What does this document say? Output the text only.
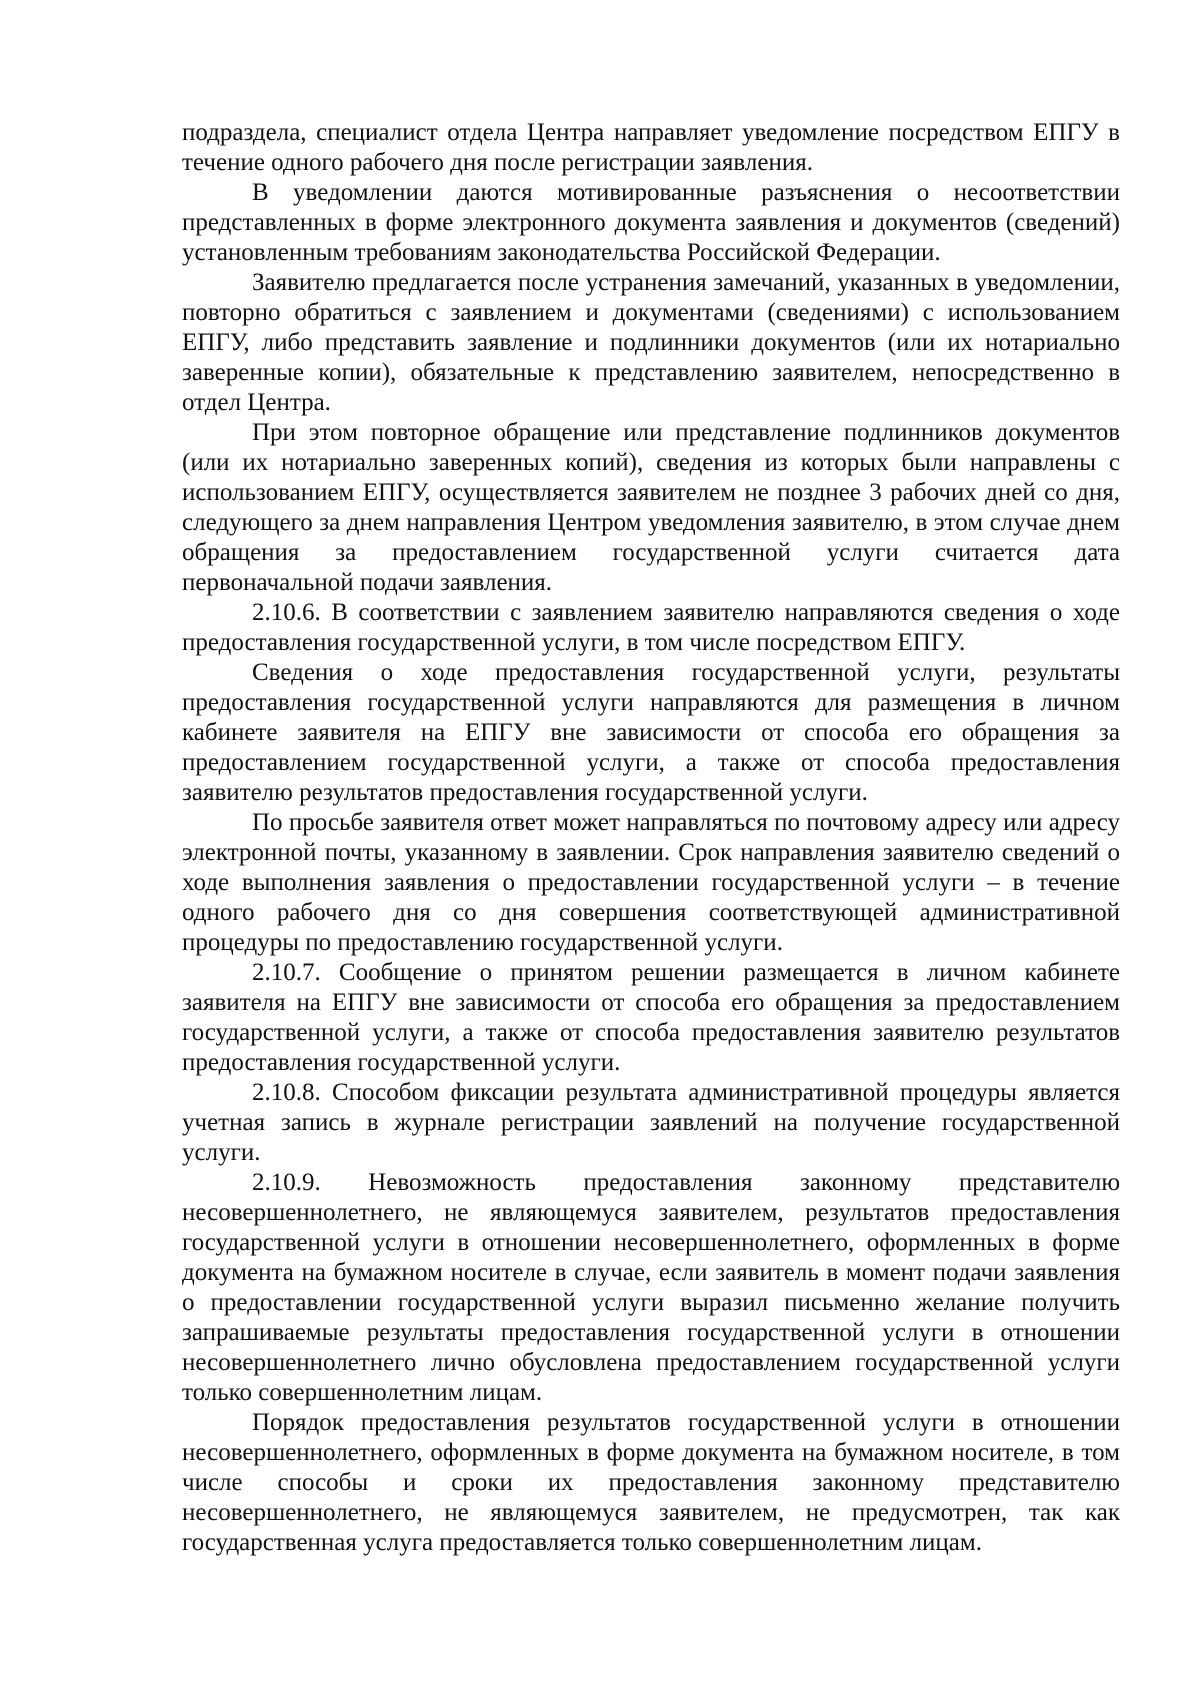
подраздела, специалист отдела Центра направляет уведомление посредством ЕПГУ в течение одного рабочего дня после регистрации заявления.

В уведомлении даются мотивированные разъяснения о несоответствии представленных в форме электронного документа заявления и документов (сведений) установленным требованиям законодательства Российской Федерации.

Заявителю предлагается после устранения замечаний, указанных в уведомлении, повторно обратиться с заявлением и документами (сведениями) с использованием ЕПГУ, либо представить заявление и подлинники документов (или их нотариально заверенные копии), обязательные к представлению заявителем, непосредственно в отдел Центра.

При этом повторное обращение или представление подлинников документов (или их нотариально заверенных копий), сведения из которых были направлены с использованием ЕПГУ, осуществляется заявителем не позднее 3 рабочих дней со дня, следующего за днем направления Центром уведомления заявителю, в этом случае днем обращения за предоставлением государственной услуги считается дата первоначальной подачи заявления.

2.10.6. В соответствии с заявлением заявителю направляются сведения о ходе предоставления государственной услуги, в том числе посредством ЕПГУ.

Сведения о ходе предоставления государственной услуги, результаты предоставления государственной услуги направляются для размещения в личном кабинете заявителя на ЕПГУ вне зависимости от способа его обращения за предоставлением государственной услуги, а также от способа предоставления заявителю результатов предоставления государственной услуги.

По просьбе заявителя ответ может направляться по почтовому адресу или адресу электронной почты, указанному в заявлении. Срок направления заявителю сведений о ходе выполнения заявления о предоставлении государственной услуги – в течение одного рабочего дня со дня совершения соответствующей административной процедуры по предоставлению государственной услуги.

2.10.7. Сообщение о принятом решении размещается в личном кабинете заявителя на ЕПГУ вне зависимости от способа его обращения за предоставлением государственной услуги, а также от способа предоставления заявителю результатов предоставления государственной услуги.

2.10.8. Способом фиксации результата административной процедуры является учетная запись в журнале регистрации заявлений на получение государственной услуги.

2.10.9. Невозможность предоставления законному представителю несовершеннолетнего, не являющемуся заявителем, результатов предоставления государственной услуги в отношении несовершеннолетнего, оформленных в форме документа на бумажном носителе в случае, если заявитель в момент подачи заявления о предоставлении государственной услуги выразил письменно желание получить запрашиваемые результаты предоставления государственной услуги в отношении несовершеннолетнего лично обусловлена предоставлением государственной услуги только совершеннолетним лицам.

Порядок предоставления результатов государственной услуги в отношении несовершеннолетнего, оформленных в форме документа на бумажном носителе, в том числе способы и сроки их предоставления законному представителю несовершеннолетнего, не являющемуся заявителем, не предусмотрен, так как государственная услуга предоставляется только совершеннолетним лицам.
